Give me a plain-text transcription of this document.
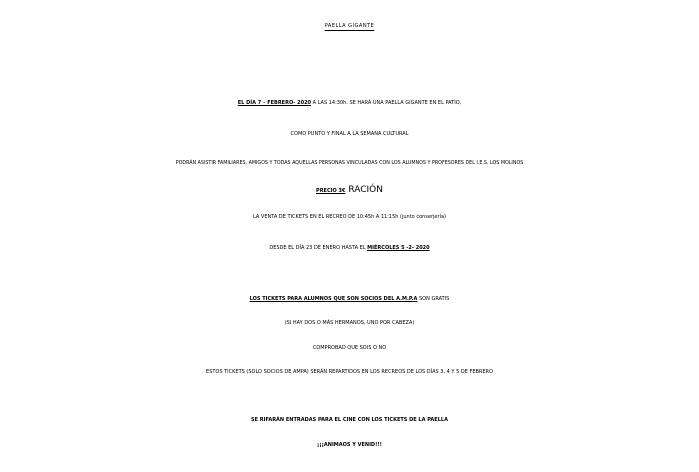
PAELLA GIGANTE
EL DÍA 7 – FEBRERO- 2020 A LAS 14:30h. SE HARÁ UNA PAELLA GIGANTE EN EL PATIO,
COMO PUNTO Y FINAL A LA SEMANA CULTURAL
PODRÁN ASISTIR FAMILIARES, AMIGOS Y TODAS AQUELLAS PERSONAS VINCULADAS CON LOS ALUMNOS Y PROFESORES DEL I.E.S. LOS MOLINOS
PRECIO 3€ RACIÓN
LA VENTA DE TICKETS EN EL RECREO DE 10:45h A 11:15h (junto conserjería)
DESDE EL DÍA 23 DE ENERO HASTA EL MIÉRCOLES 5 -2- 2020
LOS TICKETS PARA ALUMNOS QUE SON SOCIOS DEL A.M.P.A SON GRATIS
(SI HAY DOS O MÁS HERMANOS, UNO POR CABEZA)
COMPROBAD QUE SOIS O NO
ESTOS TICKETS (SOLO SOCIOS DE AMPA) SERÁN REPARTIDOS EN LOS RECREOS DE LOS DÍAS 3, 4 Y 5 DE FEBRERO
SE RIFARÁN ENTRADAS PARA EL CINE CON LOS TICKETS DE LA PAELLA
¡¡¡ANIMAOS Y VENID!!!
